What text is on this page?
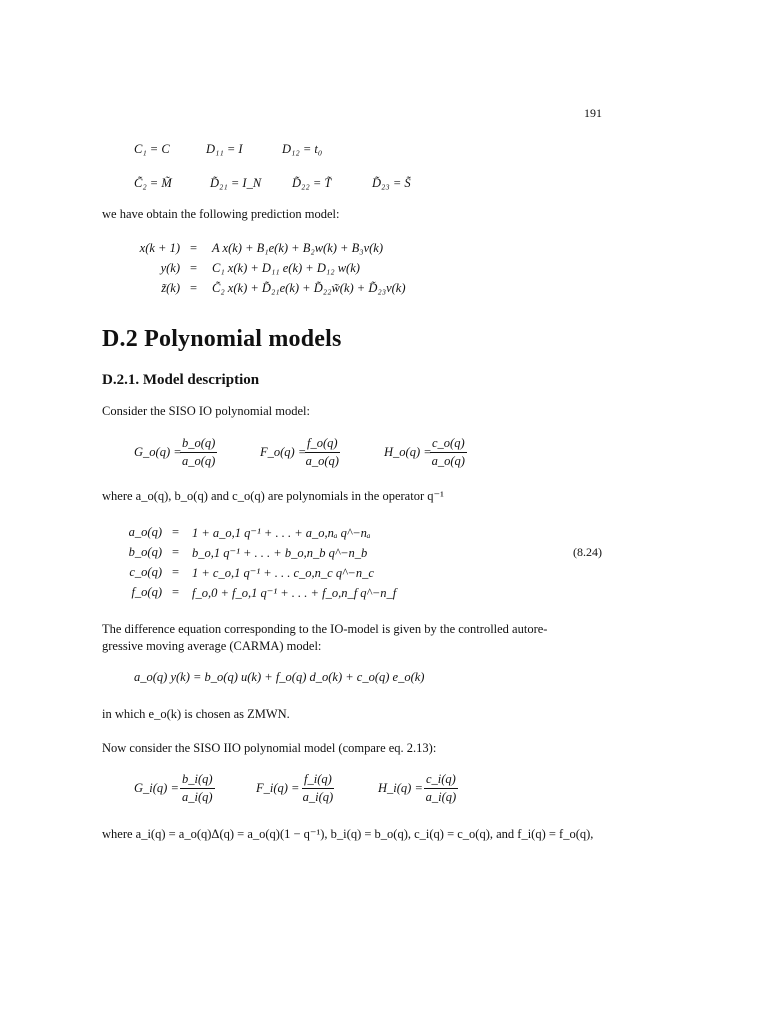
191
C₁ = C	D₁₁ = I	D₁₂ = t₀
C̃₂ = M̃	D̃₂₁ = I_N D̃₂₂ = T̃	D̃₂₃ = S̃
we have obtain the following prediction model:
x(k + 1) = A x(k) + B₁e(k) + B₂w(k) + B₃v(k)
y(k) = C₁ x(k) + D₁₁ e(k) + D₁₂ w(k)
z̃(k) = C̃₂ x(k) + D̃₂₁e(k) + D̃₂₂w̃(k) + D̃₂₃v(k)
D.2 Polynomial models
D.2.1. Model description
Consider the SISO IO polynomial model:
G_o(q) =
$\frac{b\_o(q)}{a\_o(q)}$	F_o(q) =
$\frac{f\_o(q)}{a\_o(q)}$	H_o(q) =
$\frac{c\_o(q)}{a\_o(q)}$
where a_o(q), b_o(q) and c_o(q) are polynomials in the operator q⁻¹
a_o(q) = 1 + a_o,1 q⁻¹ + . . . + a_o,nₐ q^−nₐ
b_o(q) = b_o,1 q⁻¹ + . . . + b_o,n_b q^−n_b
c_o(q) = 1 + c_o,1 q⁻¹ + . . . c_o,n_c q^−n_c
f_o(q) = f_o,0 + f_o,1 q⁻¹ + . . . + f_o,n_f q^−n_f
(8.24)
The difference equation corresponding to the IO-model is given by the controlled autore-
gressive moving average (CARMA) model:
a_o(q) y(k) = b_o(q) u(k) + f_o(q) d_o(k) + c_o(q) e_o(k)
in which e_o(k) is chosen as ZMWN.
Now consider the SISO IIO polynomial model (compare eq. 2.13):
G_i(q) = $\frac{b\_i(q)}{a\_i(q)}$	F_i(q) = $\frac{f\_i(q)}{a\_i(q)}$	H_i(q) = $\frac{c\_i(q)}{a\_i(q)}$
where a_i(q) = a_o(q)Δ(q) = a_o(q)(1 − q⁻¹), b_i(q) = b_o(q), c_i(q) = c_o(q), and f_i(q) = f_o(q),
